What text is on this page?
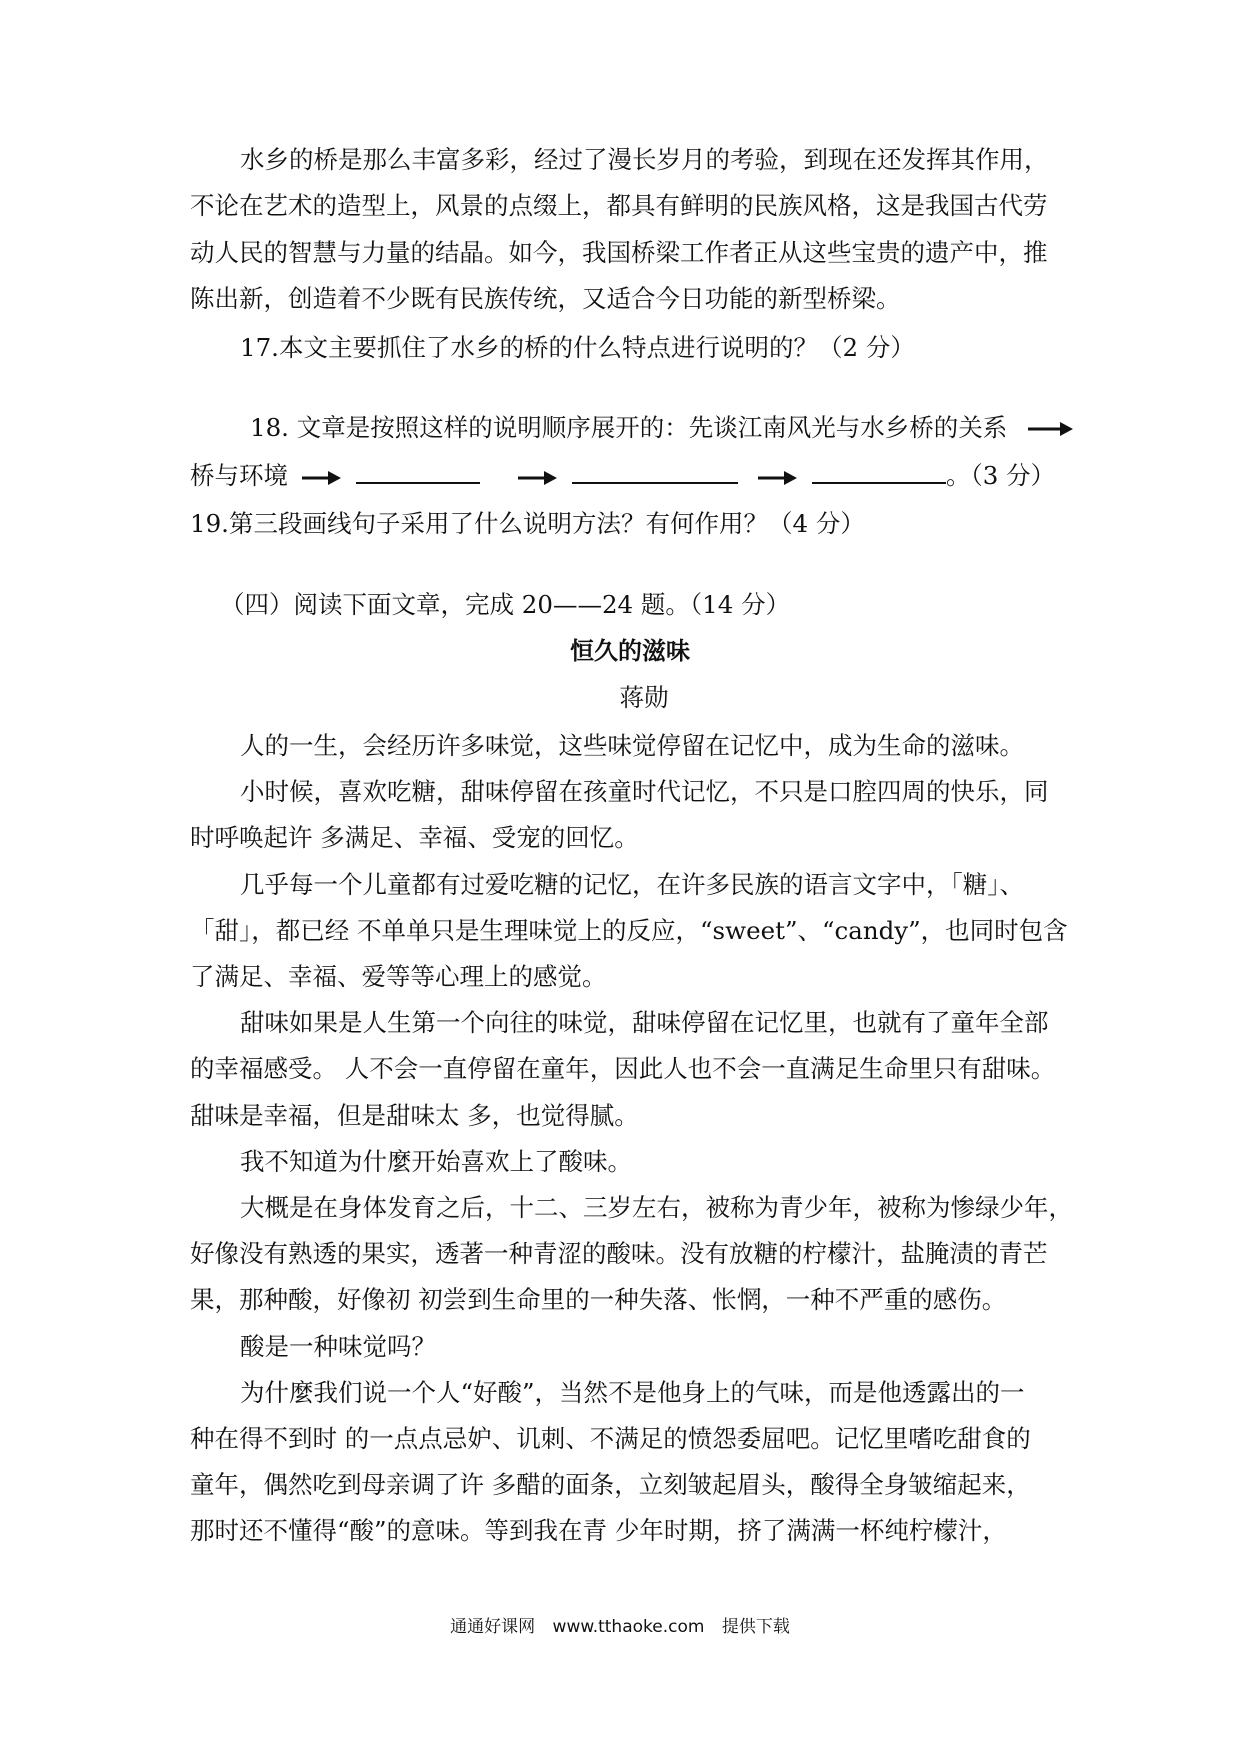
水乡的桥是那么丰富多彩，经过了漫长岁月的考验，到现在还发挥其作用，
不论在艺术的造型上，风景的点缀上，都具有鲜明的民族风格，这是我国古代劳
动人民的智慧与力量的结晶。如今，我国桥梁工作者正从这些宝贵的遗产中，推
陈出新，创造着不少既有民族传统，又适合今日功能的新型桥梁。
17.本文主要抓住了水乡的桥的什么特点进行说明的？（2 分）
18. 文章是按照这样的说明顺序展开的：先谈江南风光与水乡桥的关系
桥与环境	。（3 分）
19.第三段画线句子采用了什么说明方法？有何作用？（4 分）
（四）阅读下面文章，完成 20——24 题。（14 分）
恒久的滋味
蒋勋
人的一生，会经历许多味觉，这些味觉停留在记忆中，成为生命的滋味。
小时候，喜欢吃糖，甜味停留在孩童时代记忆，不只是口腔四周的快乐，同
时呼唤起许 多满足、幸福、受宠的回忆。
几乎每一个儿童都有过爱吃糖的记忆，在许多民族的语言文字中，「糖」、
「甜」，都已经 不单单只是生理味觉上的反应，“sweet”、“candy”，也同时包含
了满足、幸福、爱等等心理上的感觉。
甜味如果是人生第一个向往的味觉，甜味停留在记忆里，也就有了童年全部
的幸福感受。 人不会一直停留在童年，因此人也不会一直满足生命里只有甜味。
甜味是幸福，但是甜味太 多，也觉得腻。
我不知道为什麼开始喜欢上了酸味。
大概是在身体发育之后，十二、三岁左右，被称为青少年，被称为惨绿少年，
好像没有熟透的果实，透著一种青涩的酸味。没有放糖的柠檬汁，盐腌渍的青芒
果，那种酸，好像初 初尝到生命里的一种失落、怅惘，一种不严重的感伤。
酸是一种味觉吗？
为什麼我们说一个人“好酸”，当然不是他身上的气味，而是他透露出的一
种在得不到时 的一点点忌妒、讥刺、不满足的愤怨委屈吧。记忆里嗜吃甜食的
童年，偶然吃到母亲调了许 多醋的面条，立刻皱起眉头，酸得全身皱缩起来，
那时还不懂得“酸”的意味。等到我在青 少年时期，挤了满满一杯纯柠檬汁，
通通好课网 www.tthaoke.com 提供下载
